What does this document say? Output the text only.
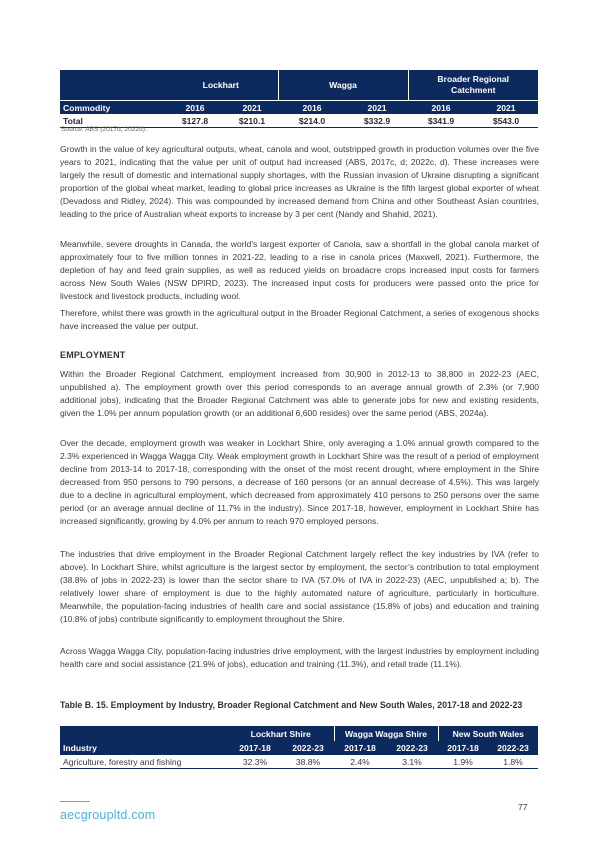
	Lockhart		Wagga		Broader Regional Catchment	

Commodity	2016	2021	2016	2021	2016	2021
Total	$127.8	$210.1	$214.0	$332.9	$341.9	$543.0
Source: ABS (2017d, 2022d).

Growth in the value of key agricultural outputs, wheat, canola and wool, outstripped growth in production volumes over the five years to 2021, indicating that the value per unit of output had increased (ABS, 2017c, d; 2022c, d). These increases were largely the result of domestic and international supply shortages, with the Russian invasion of Ukraine disrupting a significant proportion of the global wheat market, leading to global price increases as Ukraine is the fifth largest global exporter of wheat (Devadoss and Ridley, 2024). This was compounded by increased demand from China and other Southeast Asian countries, leading to the price of Australian wheat exports to increase by 3 per cent (Nandy and Shahid, 2021).

Meanwhile, severe droughts in Canada, the world’s largest exporter of Canola, saw a shortfall in the global canola market of approximately four to five million tonnes in 2021-22, leading to a rise in canola prices (Maxwell, 2021). Furthermore, the depletion of hay and feed grain supplies, as well as reduced yields on broadacre crops increased input costs for farmers across New South Wales (NSW DPIRD, 2023). The increased input costs for producers were passed onto the price for livestock and livestock products, including wool.

Therefore, whilst there was growth in the agricultural output in the Broader Regional Catchment, a series of exogenous shocks have increased the value per output.

EMPLOYMENT

Within the Broader Regional Catchment, employment increased from 30,900 in 2012-13 to 38,800 in 2022-23 (AEC, unpublished a). The employment growth over this period corresponds to an average annual growth of 2.3% (or 7,900 additional jobs), indicating that the Broader Regional Catchment was able to generate jobs for new and existing residents, given the 1.0% per annum population growth (or an additional 6,600 resides) over the same period (ABS, 2024a).

Over the decade, employment growth was weaker in Lockhart Shire, only averaging a 1.0% annual growth compared to the 2.3% experienced in Wagga Wagga City. Weak employment growth in Lockhart Shire was the result of a period of employment decline from 2013-14 to 2017-18, corresponding with the onset of the most recent drought, where employment in the Shire decreased from 950 persons to 790 persons, a decrease of 160 persons (or an annual decrease of 4.5%). This was largely due to a decline in agricultural employment, which decreased from approximately 410 persons to 250 persons over the same period (or an average annual decline of 11.7% in the industry). Since 2017-18, however, employment in Lockhart Shire has increased significantly, growing by 4.0% per annum to reach 970 employed persons.

The industries that drive employment in the Broader Regional Catchment largely reflect the key industries by IVA (refer to above). In Lockhart Shire, whilst agriculture is the largest sector by employment, the sector’s contribution to total employment (38.8% of jobs in 2022-23) is lower than the sector share to IVA (57.0% of IVA in 2022-23) (AEC, unpublished a; b). The relatively lower share of employment is due to the highly automated nature of agriculture, particularly in horticulture. Meanwhile, the population-facing industries of health care and social assistance (15.8% of jobs) and education and training (10.8% of jobs) contribute significantly to employment throughout the Shire.

Across Wagga Wagga City, population-facing industries drive employment, with the largest industries by employment including health care and social assistance (21.9% of jobs), education and training (11.3%), and retail trade (11.1%).

Table B. 15. Employment by Industry, Broader Regional Catchment and New South Wales, 2017-18 and 2022-23
	Lockhart Shire		Wagga Wagga Shire		New South Wales	
Industry	2017-18	2022-23	2017-18	2022-23	2017-18	2022-23
Agriculture, forestry and fishing	32.3%	38.8%	2.4%	3.1%	1.9%	1.8%
aecgroupltd.com
77
